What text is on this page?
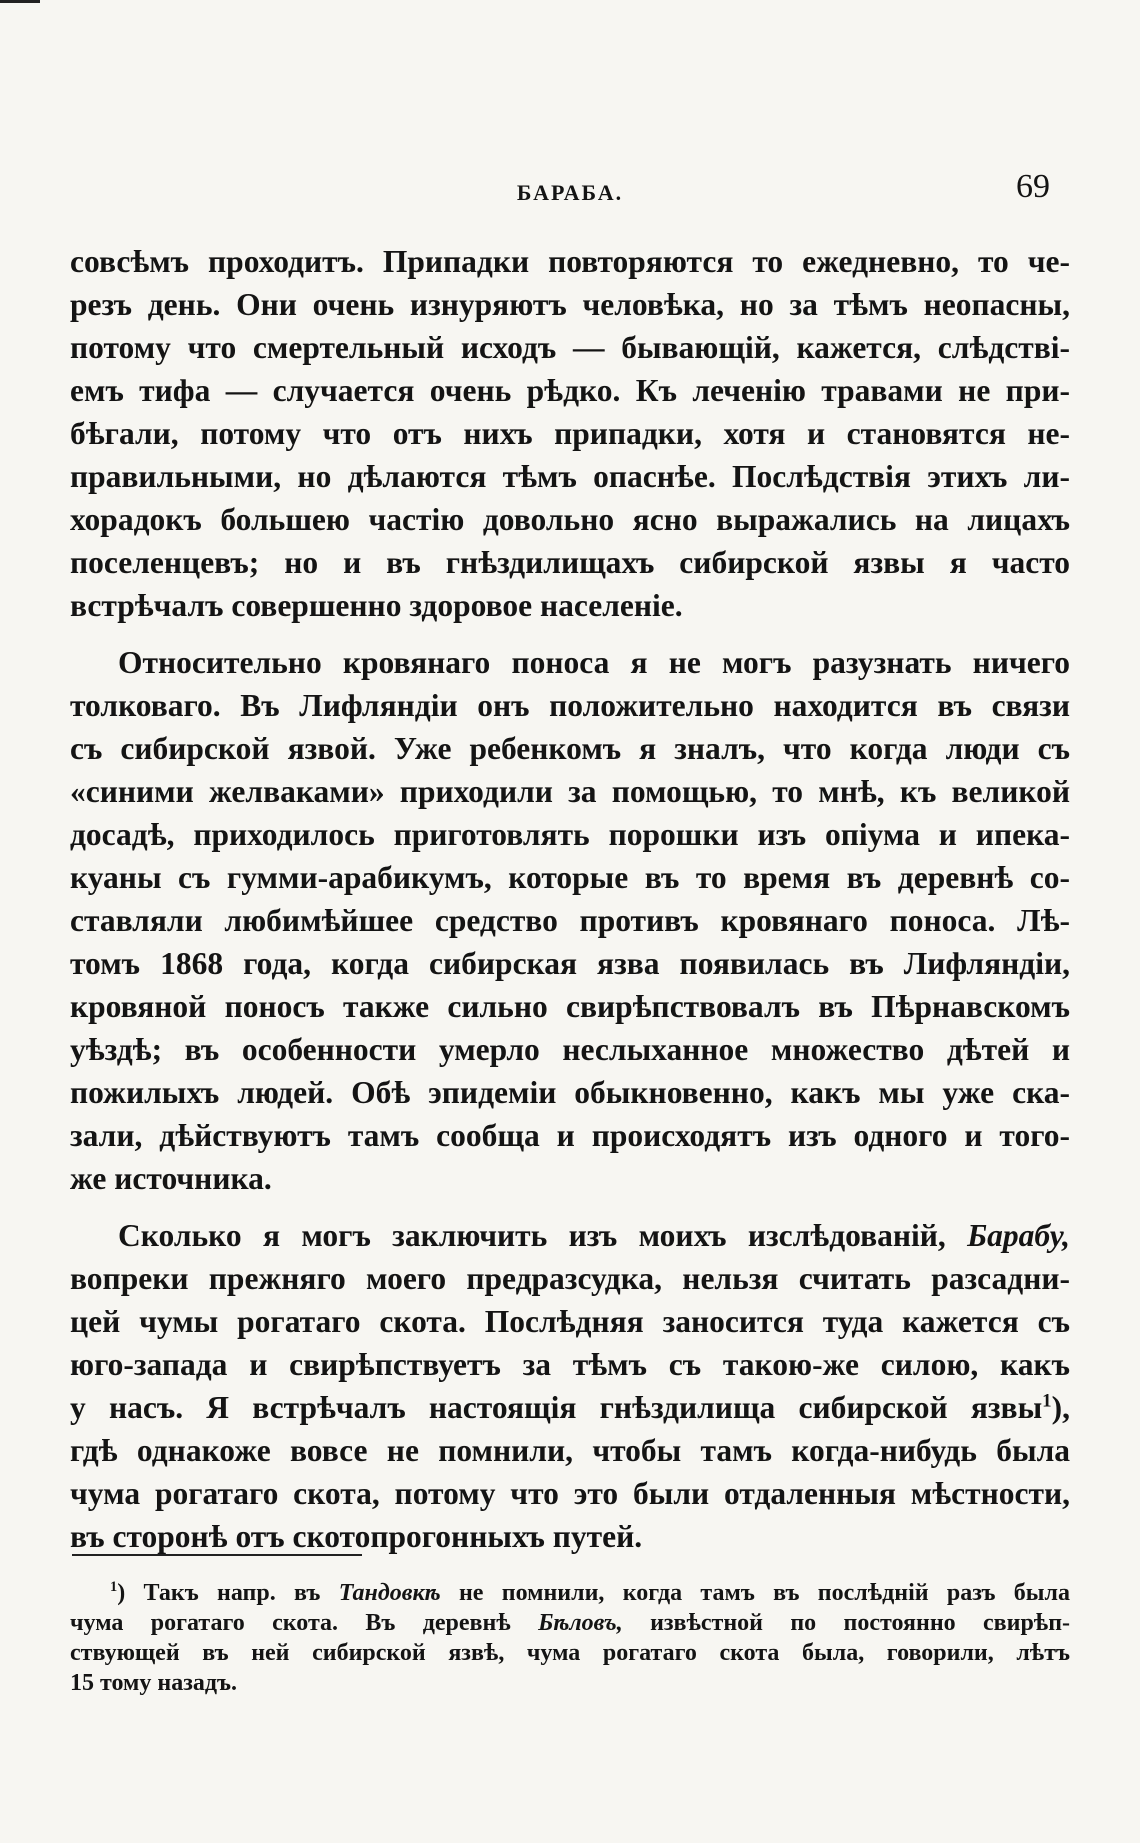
БАРАБА.	69

совсѣмъ проходитъ. Припадки повторяются то ежедневно, то че-

резъ день. Они очень изнуряютъ человѣка, но за тѣмъ неопасны,

потому что смертельный исходъ — бывающій, кажется, слѣдстві-

емъ тифа — случается очень рѣдко. Къ леченію травами не при-

бѣгали, потому что отъ нихъ припадки, хотя и становятся не-

правильными, но дѣлаются тѣмъ опаснѣе. Послѣдствія этихъ ли-

хорадокъ большею частію довольно ясно выражались на лицахъ

поселенцевъ; но и въ гнѣздилищахъ сибирской язвы я часто

встрѣчалъ совершенно здоровое населеніе.

Относительно кровянаго поноса я не могъ разузнать ничего

толковаго. Въ Лифляндіи онъ положительно находится въ связи

съ сибирской язвой. Уже ребенкомъ я зналъ, что когда люди съ

«синими желваками» приходили за помощью, то мнѣ, къ великой

досадѣ, приходилось приготовлять порошки изъ опіума и ипека-

куаны съ гумми-арабикумъ, которые въ то время въ деревнѣ со-

ставляли любимѣйшее средство противъ кровянаго поноса. Лѣ-

томъ 1868 года, когда сибирская язва появилась въ Лифляндіи,

кровяной поносъ также сильно свирѣпствовалъ въ Пѣрнавскомъ

уѣздѣ; въ особенности умерло неслыханное множество дѣтей и

пожилыхъ людей. Обѣ эпидеміи обыкновенно, какъ мы уже ска-

зали, дѣйствуютъ тамъ сообща и происходятъ изъ одного и того-

же источника.

Сколько я могъ заключить изъ моихъ изслѣдованій, Барабу,

вопреки прежняго моего предразсудка, нельзя считать разсадни-

цей чумы рогатаго скота. Послѣдняя заносится туда кажется съ

юго-запада и свирѣпствуетъ за тѣмъ съ такою-же силою, какъ

у насъ. Я встрѣчалъ настоящія гнѣздилища сибирской язвы$^1$),

гдѣ однакоже вовсе не помнили, чтобы тамъ когда-нибудь была

чума рогатаго скота, потому что это были отдаленныя мѣстности,

въ сторонѣ отъ скотопрогонныхъ путей.

$^1$) Такъ напр. въ Тандовкѣ не помнили, когда тамъ въ послѣдній разъ была

чума рогатаго скота. Въ деревнѣ Бѣловъ, извѣстной по постоянно свирѣп-

ствующей въ ней сибирской язвѣ, чума рогатаго скота была, говорили, лѣтъ

15 тому назадъ.
